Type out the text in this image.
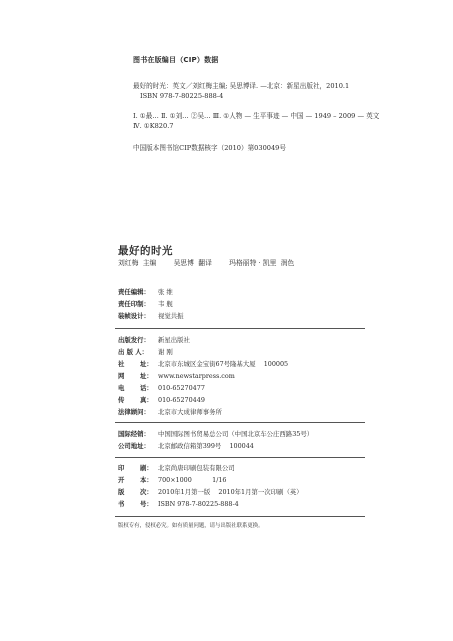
图书在版编目（CIP）数据
最好的时光：英文／刘红梅主编; 吴思博译. —北京：新星出版社，2010.1
ISBN 978-7-80225-888-4
Ⅰ. ①最… Ⅱ. ①刘… ②吴… Ⅲ. ①人物 — 生平事迹 — 中国 — 1949 – 2009 — 英文
Ⅳ. ①K820.7
中国版本图书馆CIP数据核字（2010）第030049号
最好的时光
刘红梅  主编        吴思博  翻译        玛格丽特 · 凯里  润色
责任编辑： 张 维
责任印制： 韦 舰
装帧设计： 视觉共振
出版发行： 新星出版社
出 版 人： 谢 刚
社       址： 北京市东城区金宝街67号隆基大厦    100005
网       址： www.newstarpress.com
电       话： 010-65270477
传       真： 010-65270449
法律顾问： 北京市大成律师事务所
国际经销： 中国国际图书贸易总公司（中国北京车公庄西路35号）
公司地址： 北京邮政信箱第399号    100044
印       刷： 北京尚唐印刷包装有限公司
开       本： 700×1000          1/16
版       次： 2010年1月第一版    2010年1月第一次印刷（英）
书       号： ISBN 978-7-80225-888-4
版权专有，侵权必究。如有质量问题，请与出版社联系更换。
